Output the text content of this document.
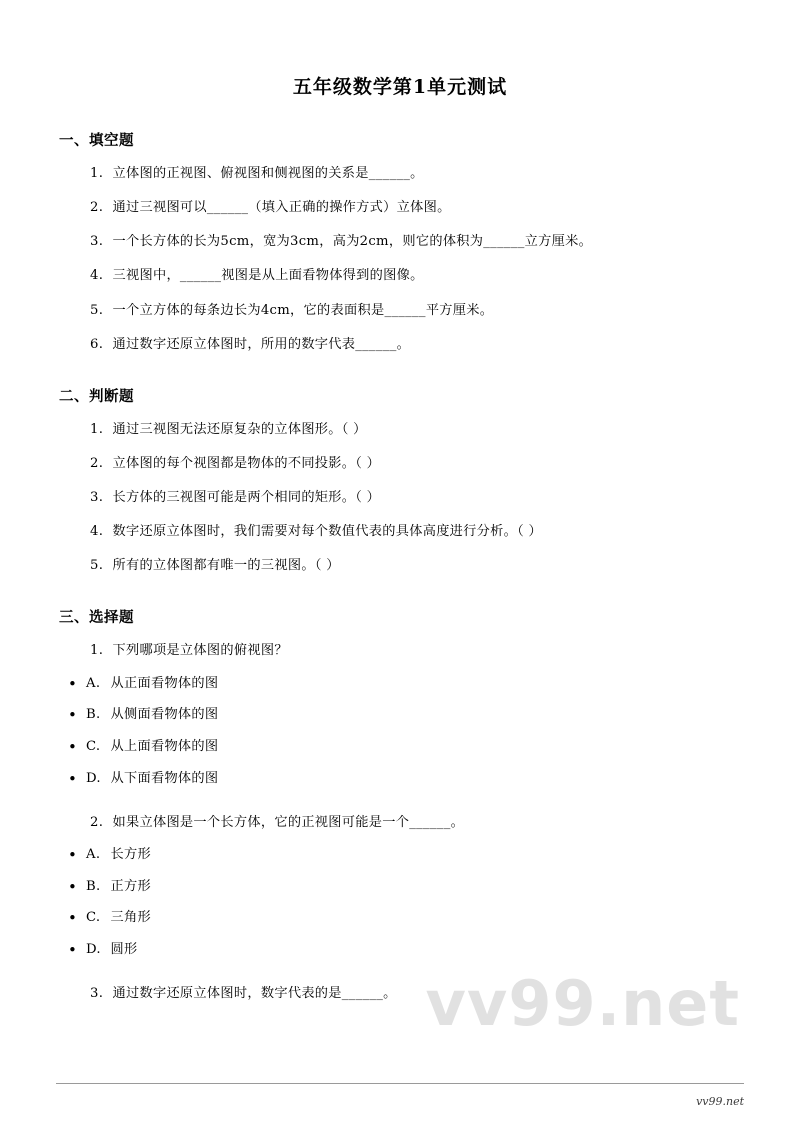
五年级数学第1单元测试
一、填空题
1. 立体图的正视图、俯视图和侧视图的关系是______。
2. 通过三视图可以______（填入正确的操作方式）立体图。
3. 一个长方体的长为5cm，宽为3cm，高为2cm，则它的体积为______立方厘米。
4. 三视图中，______视图是从上面看物体得到的图像。
5. 一个立方体的每条边长为4cm，它的表面积是______平方厘米。
6. 通过数字还原立体图时，所用的数字代表______。
二、判断题
1. 通过三视图无法还原复杂的立体图形。（ ）
2. 立体图的每个视图都是物体的不同投影。（ ）
3. 长方体的三视图可能是两个相同的矩形。（ ）
4. 数字还原立体图时，我们需要对每个数值代表的具体高度进行分析。（ ）
5. 所有的立体图都有唯一的三视图。（ ）
三、选择题
1. 下列哪项是立体图的俯视图？
• A. 从正面看物体的图
• B. 从侧面看物体的图
• C. 从上面看物体的图
• D. 从下面看物体的图
2. 如果立体图是一个长方体，它的正视图可能是一个______。
• A. 长方形
• B. 正方形
• C. 三角形
• D. 圆形
3. 通过数字还原立体图时，数字代表的是______。 vv99.net
vv99.net
